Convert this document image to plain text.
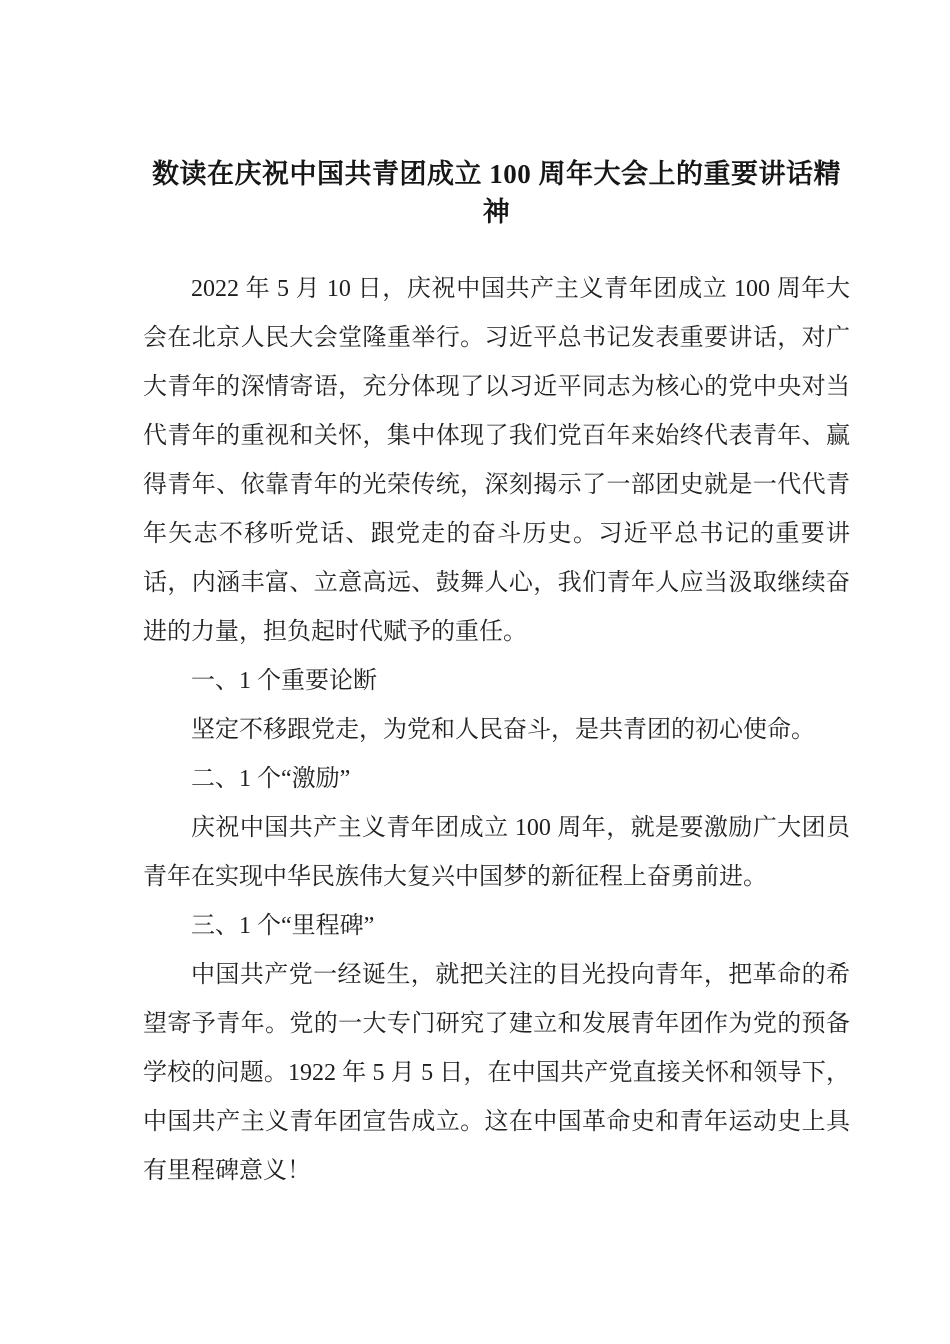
数读在庆祝中国共青团成立 100 周年大会上的重要讲话精神

2022 年 5 月 10 日，庆祝中国共产主义青年团成立 100 周年大会在北京人民大会堂隆重举行。习近平总书记发表重要讲话，对广大青年的深情寄语，充分体现了以习近平同志为核心的党中央对当代青年的重视和关怀，集中体现了我们党百年来始终代表青年、赢得青年、依靠青年的光荣传统，深刻揭示了一部团史就是一代代青年矢志不移听党话、跟党走的奋斗历史。习近平总书记的重要讲话，内涵丰富、立意高远、鼓舞人心，我们青年人应当汲取继续奋进的力量，担负起时代赋予的重任。

一、1 个重要论断

坚定不移跟党走，为党和人民奋斗，是共青团的初心使命。

二、1 个“激励”

庆祝中国共产主义青年团成立 100 周年，就是要激励广大团员青年在实现中华民族伟大复兴中国梦的新征程上奋勇前进。

三、1 个“里程碑”

中国共产党一经诞生，就把关注的目光投向青年，把革命的希望寄予青年。党的一大专门研究了建立和发展青年团作为党的预备学校的问题。1922 年 5 月 5 日，在中国共产党直接关怀和领导下，中国共产主义青年团宣告成立。这在中国革命史和青年运动史上具有里程碑意义！
